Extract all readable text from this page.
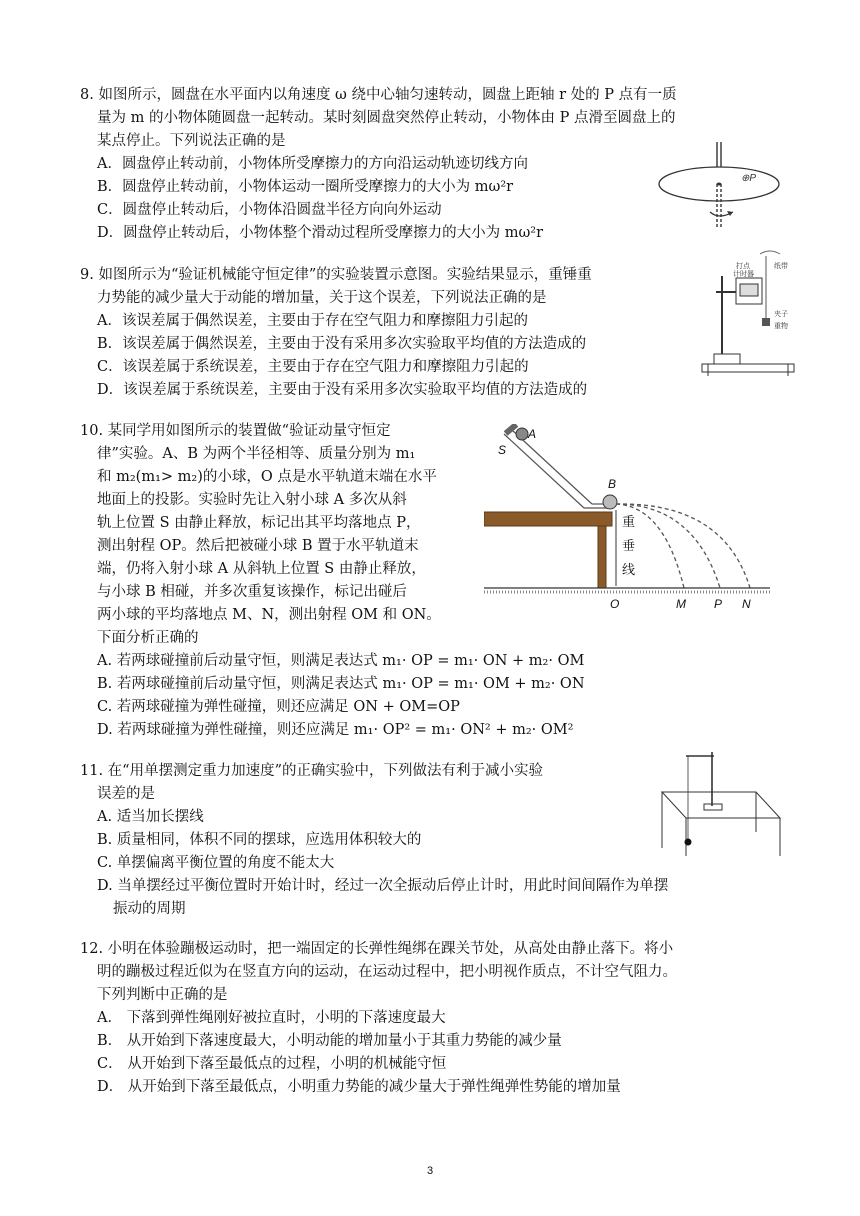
8. 如图所示，圆盘在水平面内以角速度 ω 绕中心轴匀速转动，圆盘上距轴 r 处的 P 点有一质

量为 m 的小物体随圆盘一起转动。某时刻圆盘突然停止转动，小物体由 P 点滑至圆盘上的

某点停止。下列说法正确的是

A．圆盘停止转动前，小物体所受摩擦力的方向沿运动轨迹切线方向

B．圆盘停止转动前，小物体运动一圈所受摩擦力的大小为 mω²r

C．圆盘停止转动后，小物体沿圆盘半径方向向外运动

D．圆盘停止转动后，小物体整个滑动过程所受摩擦力的大小为 mω²r

⊕P

9. 如图所示为“验证机械能守恒定律”的实验装置示意图。实验结果显示，重锤重

力势能的减少量大于动能的增加量，关于这个误差，下列说法正确的是

A．该误差属于偶然误差，主要由于存在空气阻力和摩擦阻力引起的

B．该误差属于偶然误差，主要由于没有采用多次实验取平均值的方法造成的

C．该误差属于系统误差，主要由于存在空气阻力和摩擦阻力引起的

D．该误差属于系统误差，主要由于没有采用多次实验取平均值的方法造成的

打点
计时器
纸带
夹子
重物

10. 某同学用如图所示的装置做“验证动量守恒定

律”实验。A、B 为两个半径相等、质量分别为 m₁

和 m₂(m₁> m₂)的小球，O 点是水平轨道末端在水平

地面上的投影。实验时先让入射小球 A 多次从斜

轨上位置 S 由静止释放，标记出其平均落地点 P，

测出射程 OP。然后把被碰小球 B 置于水平轨道末

端，仍将入射小球 A 从斜轨上位置 S 由静止释放，

与小球 B 相碰，并多次重复该操作，标记出碰后

两小球的平均落地点 M、N，测出射程 OM 和 ON。

下面分析正确的

A. 若两球碰撞前后动量守恒，则满足表达式 m₁· OP = m₁· ON + m₂· OM

B. 若两球碰撞前后动量守恒，则满足表达式 m₁· OP = m₁· OM + m₂· ON

C. 若两球碰撞为弹性碰撞，则还应满足 ON + OM=OP

D. 若两球碰撞为弹性碰撞，则还应满足 m₁· OP² = m₁· ON² + m₂· OM²

A
S
B
重
垂
线
O	M P N

11. 在“用单摆测定重力加速度”的正确实验中，下列做法有利于减小实验

误差的是

A. 适当加长摆线

B. 质量相同，体积不同的摆球，应选用体积较大的

C. 单摆偏离平衡位置的角度不能太大

D. 当单摆经过平衡位置时开始计时，经过一次全振动后停止计时，用此时间间隔作为单摆

振动的周期

12. 小明在体验蹦极运动时，把一端固定的长弹性绳绑在踝关节处，从高处由静止落下。将小

明的蹦极过程近似为在竖直方向的运动，在运动过程中，把小明视作质点，不计空气阻力。

下列判断中正确的是

A． 下落到弹性绳刚好被拉直时，小明的下落速度最大

B． 从开始到下落速度最大，小明动能的增加量小于其重力势能的减少量

C． 从开始到下落至最低点的过程，小明的机械能守恒

D． 从开始到下落至最低点，小明重力势能的减少量大于弹性绳弹性势能的增加量

3
